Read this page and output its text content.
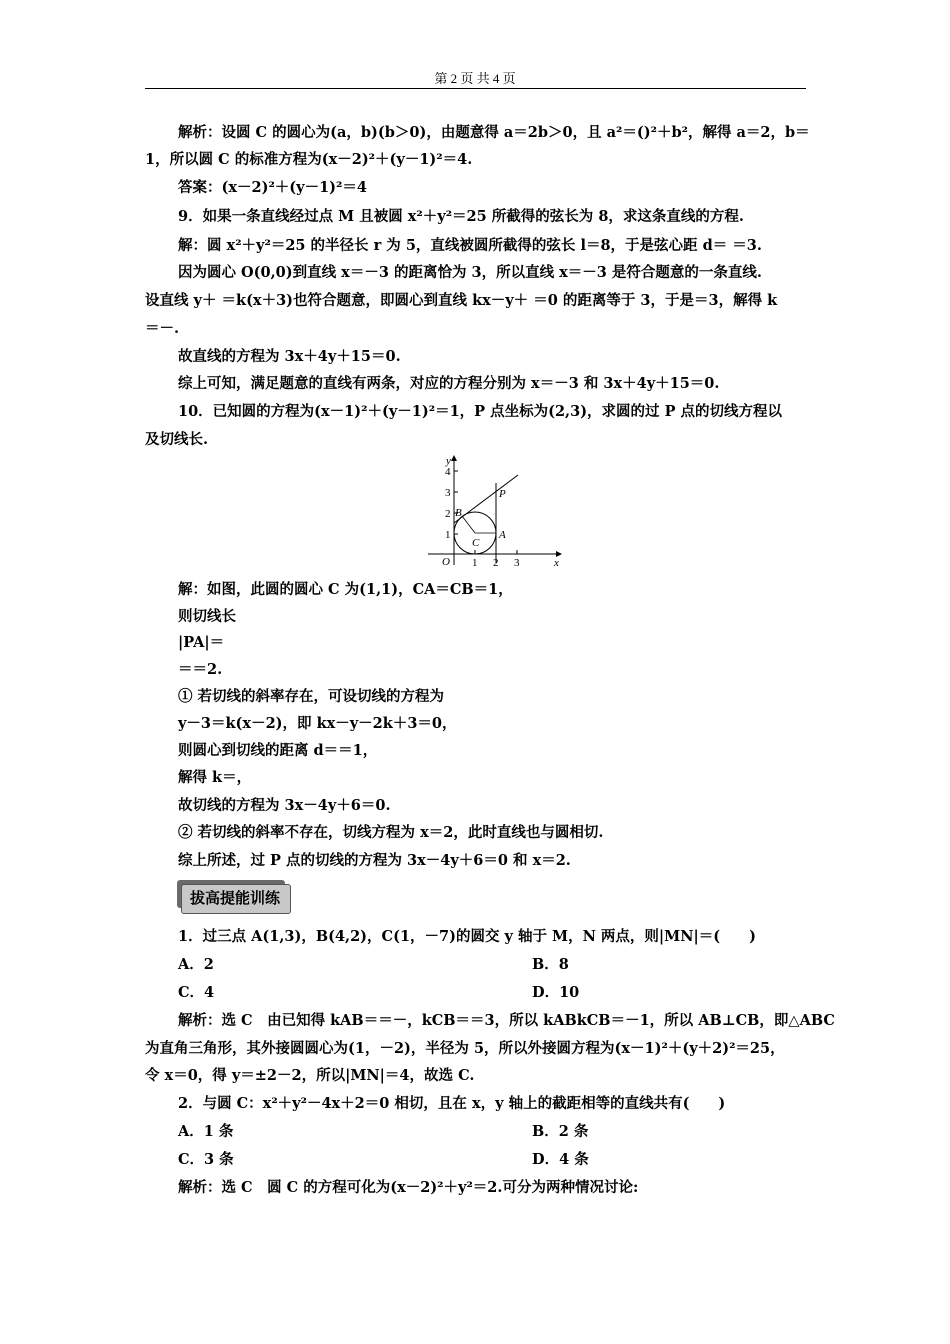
第 2 页 共 4 页
解析：设圆 C 的圆心为(a，b)(b＞0)，由题意得 a＝2b＞0，且 a²＝()²＋b²，解得 a＝2，b＝
1，所以圆 C 的标准方程为(x－2)²＋(y－1)²＝4.
答案：(x－2)²＋(y－1)²＝4
9．如果一条直线经过点 M 且被圆 x²＋y²＝25 所截得的弦长为 8，求这条直线的方程.
解：圆 x²＋y²＝25 的半径长 r 为 5，直线被圆所截得的弦长 l＝8，于是弦心距 d＝ ＝3.
因为圆心 O(0,0)到直线 x＝－3 的距离恰为 3，所以直线 x＝－3 是符合题意的一条直线.
设直线 y＋ ＝k(x＋3)也符合题意，即圆心到直线 kx－y＋ ＝0 的距离等于 3，于是＝3，解得 k
＝－.
故直线的方程为 3x＋4y＋15＝0.
综上可知，满足题意的直线有两条，对应的方程分别为 x＝－3 和 3x＋4y＋15＝0.
10．已知圆的方程为(x－1)²＋(y－1)²＝1，P 点坐标为(2,3)，求圆的过 P 点的切线方程以
及切线长.
y
x
O
1
2
3
4
1 2 3
B
C
A
P
解：如图，此圆的圆心 C 为(1,1)，CA＝CB＝1，
则切线长
|PA|＝
＝＝2.
① 若切线的斜率存在，可设切线的方程为
y－3＝k(x－2)，即 kx－y－2k＋3＝0，
则圆心到切线的距离 d＝＝1，
解得 k＝，
故切线的方程为 3x－4y＋6＝0.
② 若切线的斜率不存在，切线方程为 x＝2，此时直线也与圆相切.
综上所述，过 P 点的切线的方程为 3x－4y＋6＝0 和 x＝2.
拔高提能训练
1．过三点 A(1,3)，B(4,2)，C(1，－7)的圆交 y 轴于 M，N 两点，则|MN|＝(　　)
A．2	B．8
C．4	D．10
解析：选 C　由已知得 kAB＝＝－，kCB＝＝3，所以 kABkCB＝－1，所以 AB⊥CB，即△ABC
为直角三角形，其外接圆圆心为(1，－2)，半径为 5，所以外接圆方程为(x－1)²＋(y＋2)²＝25，
令 x＝0，得 y＝±2－2，所以|MN|＝4，故选 C.
2．与圆 C：x²＋y²－4x＋2＝0 相切，且在 x，y 轴上的截距相等的直线共有(　　)
A．1 条	B．2 条
C．3 条	D．4 条
解析：选 C　圆 C 的方程可化为(x－2)²＋y²＝2.可分为两种情况讨论:
